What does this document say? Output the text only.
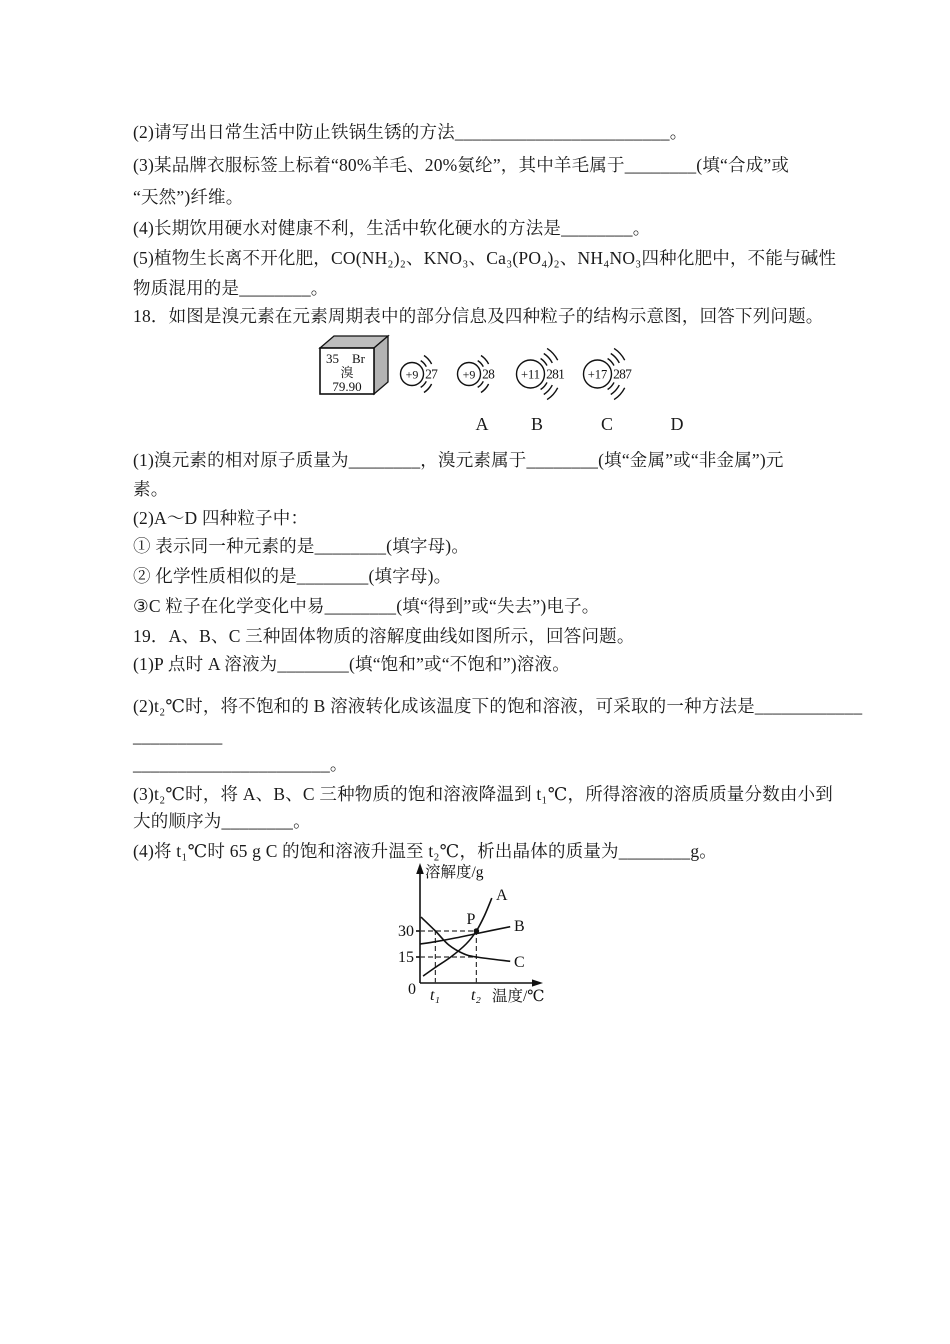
(2)请写出日常生活中防止铁锅生锈的方法________________________。
(3)某品牌衣服标签上标着“80%羊毛、20%氨纶”，其中羊毛属于________(填“合成”或
“天然”)纤维。
(4)长期饮用硬水对健康不利，生活中软化硬水的方法是________。
(5)植物生长离不开化肥，CO(NH₂)₂、KNO₃、Ca₃(PO₄)₂、NH₄NO₃四种化肥中，不能与碱性
物质混用的是________。
18．如图是溴元素在元素周期表中的部分信息及四种粒子的结构示意图，回答下列问题。
35 Br
溴
79.90
+9 2 7 +9 2 8 +11 2 8 1 +17 2 8 7
A B	C	D
(1)溴元素的相对原子质量为________，溴元素属于________(填“金属”或“非金属”)元
素。
(2)A～D 四种粒子中：
① 表示同一种元素的是________(填字母)。
② 化学性质相似的是________(填字母)。
③C 粒子在化学变化中易________(填“得到”或“失去”)电子。
19．A、B、C 三种固体物质的溶解度曲线如图所示，回答问题。
(1)P 点时 A 溶液为________(填“饱和”或“不饱和”)溶液。
(2)t₂℃时，将不饱和的 B 溶液转化成该温度下的饱和溶液，可采取的一种方法是____________
__________
______________________。
(3)t₂℃时，将 A、B、C 三种物质的饱和溶液降温到 t₁℃，所得溶液的溶质质量分数由小到
大的顺序为________。
(4)将 t₁℃时 65 g C 的饱和溶液升温至 t₂℃，析出晶体的质量为________g。
溶解度/g
温度/℃
0
15
30
t₁ t₂
A
B
C
P
